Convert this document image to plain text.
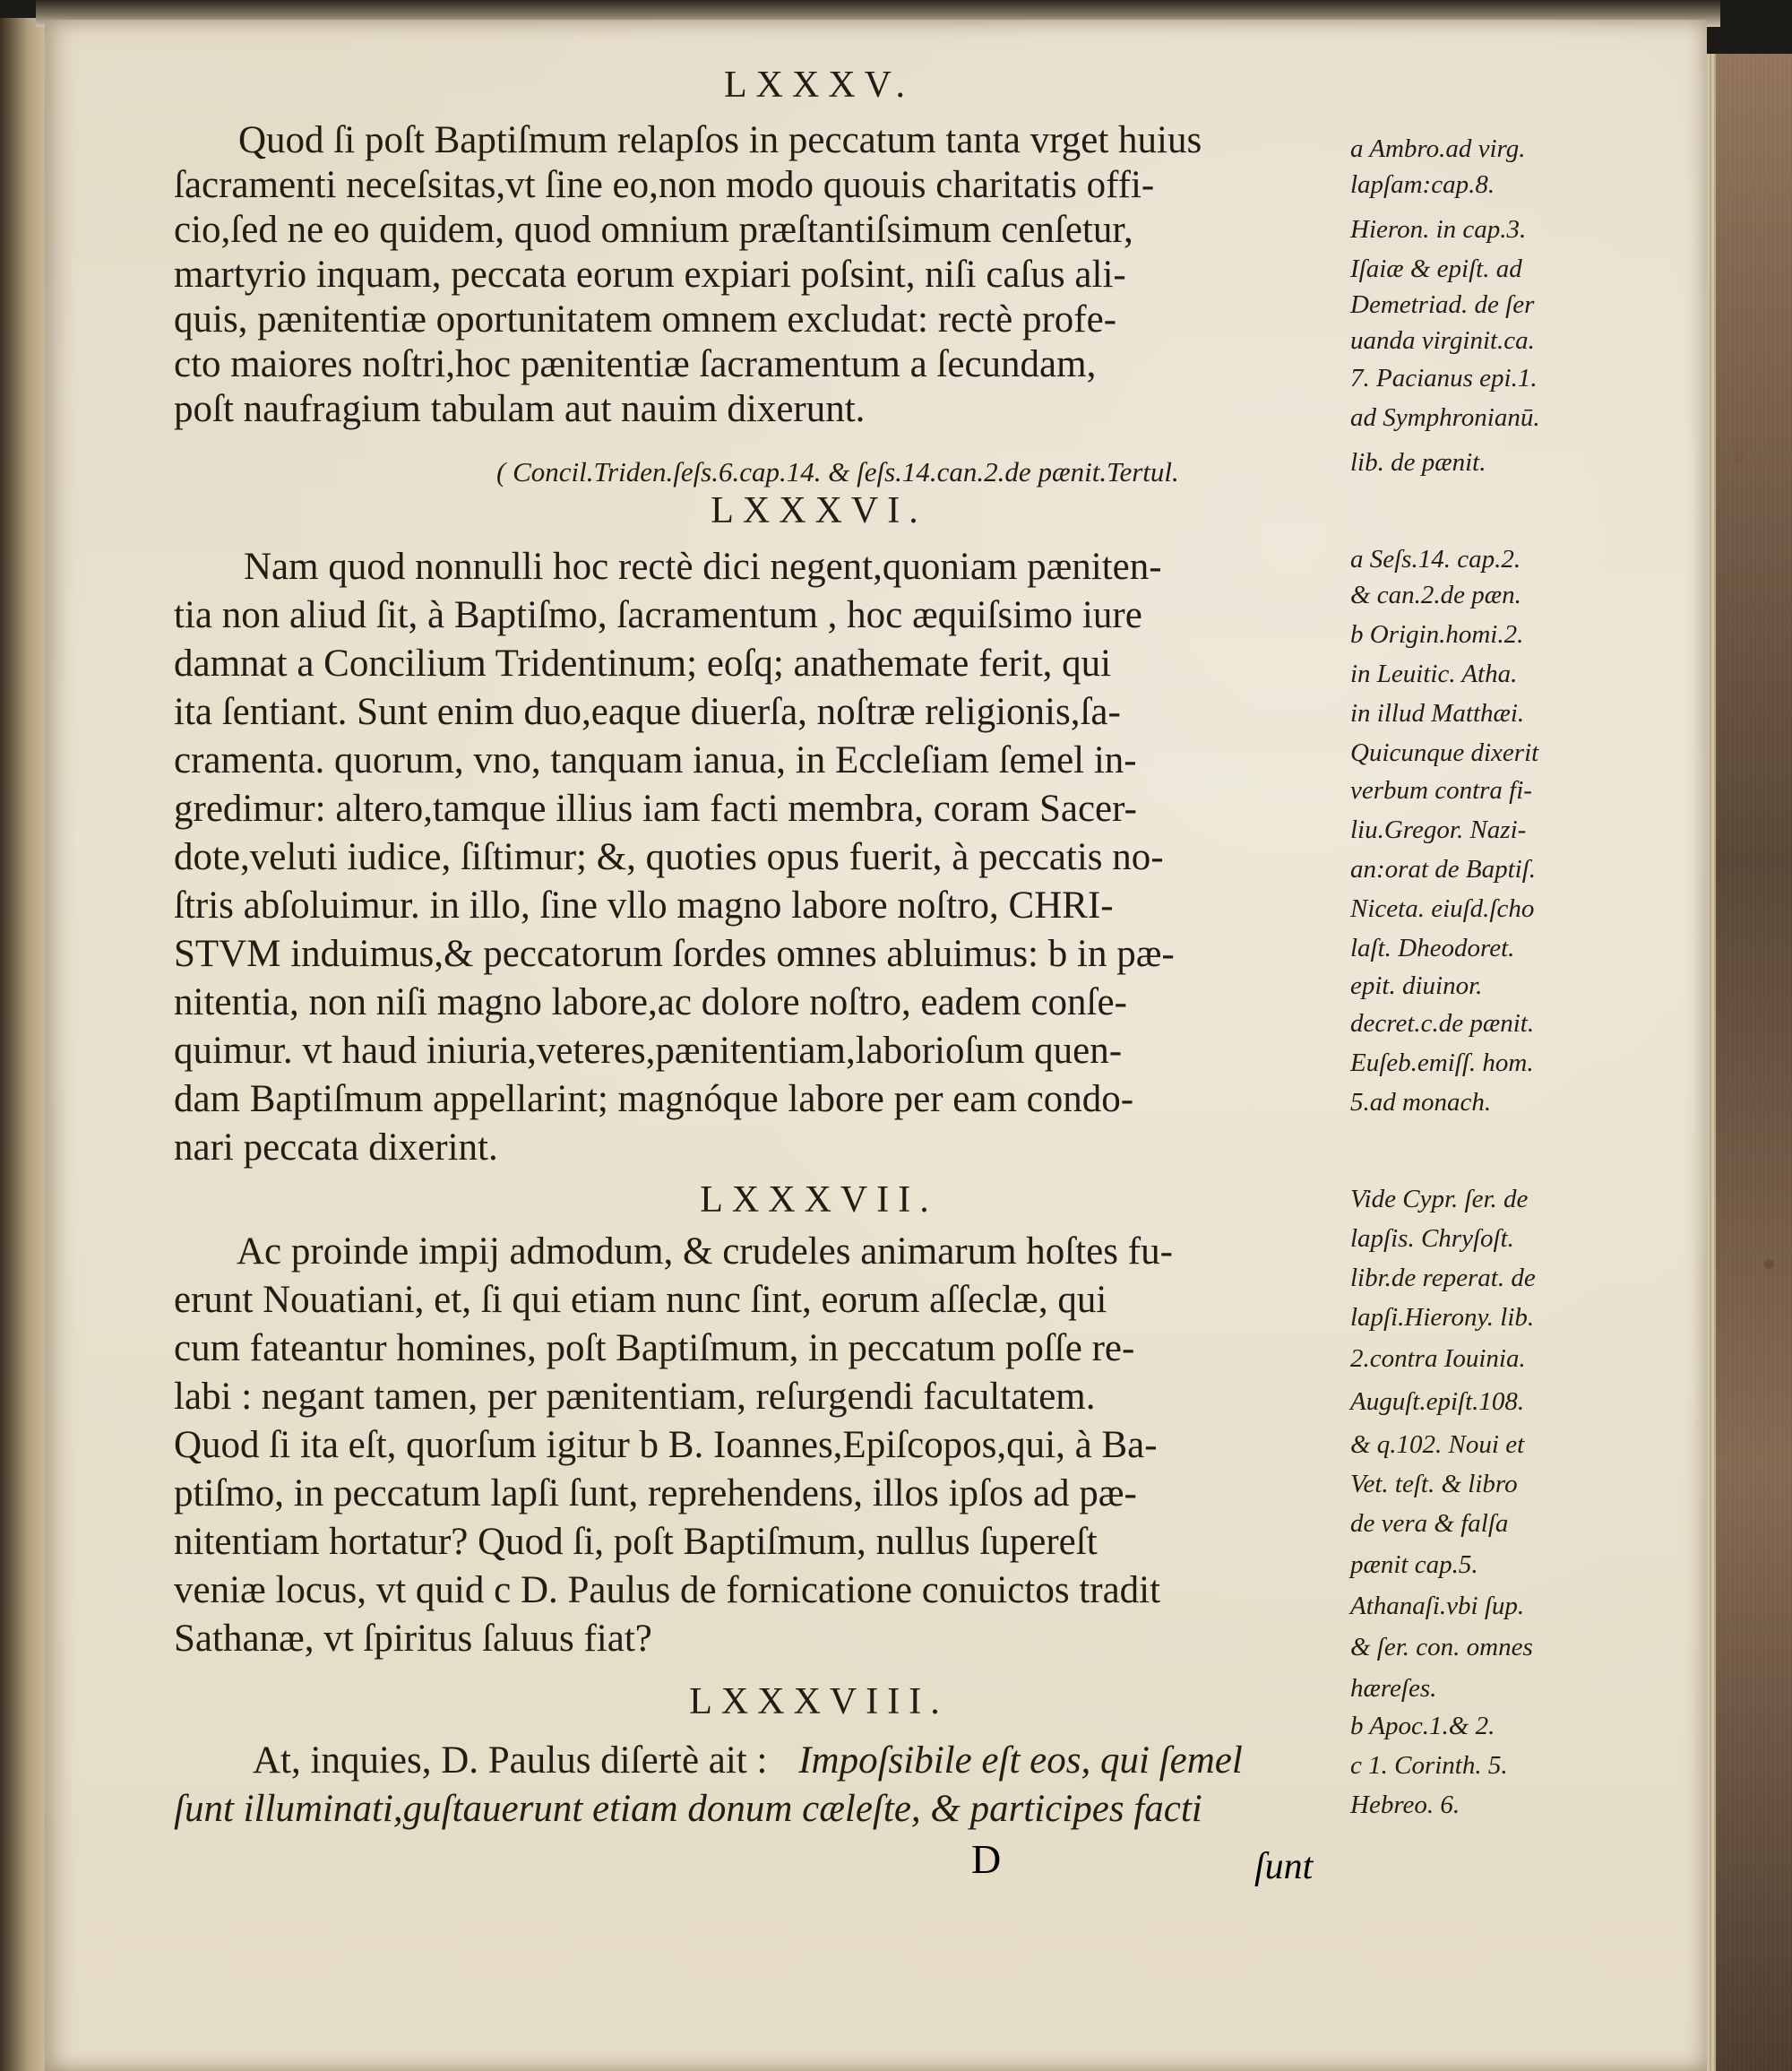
LXXXV.
Quod ſi poſt Baptiſmum relapſos in peccatum tanta vrget huius
ſacramenti neceſsitas,vt ſine eo,non modo quouis charitatis offi-
cio,ſed ne eo quidem, quod omnium præſtantiſsimum cenſetur,
martyrio inquam, peccata eorum expiari poſsint, niſi caſus ali-
quis, pænitentiæ oportunitatem omnem excludat: rectè profe-
cto maiores noſtri,hoc pænitentiæ ſacramentum a ſecundam,
poſt naufragium tabulam aut nauim dixerunt.
( Concil.Triden.ſeſs.6.cap.14. & ſeſs.14.can.2.de pænit.Tertul.
LXXXVI.
Nam quod nonnulli hoc rectè dici negent,quoniam pæniten-
tia non aliud ſit, à Baptiſmo, ſacramentum , hoc æquiſsimo iure
damnat a Concilium Tridentinum; eoſq; anathemate ferit, qui
ita ſentiant. Sunt enim duo,eaque diuerſa, noſtræ religionis,ſa-
cramenta. quorum, vno, tanquam ianua, in Eccleſiam ſemel in-
gredimur: altero,tamque illius iam facti membra, coram Sacer-
dote,veluti iudice, ſiſtimur; &, quoties opus fuerit, à peccatis no-
ſtris abſoluimur. in illo, ſine vllo magno labore noſtro, CHRI-
STVM induimus,& peccatorum ſordes omnes abluimus: b in pæ-
nitentia, non niſi magno labore,ac dolore noſtro, eadem conſe-
quimur. vt haud iniuria,veteres,pænitentiam,laborioſum quen-
dam Baptiſmum appellarint; magnóque labore per eam condo-
nari peccata dixerint.
LXXXVII.
Ac proinde impij admodum, & crudeles animarum hoſtes fu-
erunt Nouatiani, et, ſi qui etiam nunc ſint, eorum aſſeclæ, qui
cum fateantur homines, poſt Baptiſmum, in peccatum poſſe re-
labi : negant tamen, per pænitentiam, reſurgendi facultatem.
Quod ſi ita eſt, quorſum igitur b B. Ioannes,Epiſcopos,qui, à Ba-
ptiſmo, in peccatum lapſi ſunt, reprehendens, illos ipſos ad pæ-
nitentiam hortatur? Quod ſi, poſt Baptiſmum, nullus ſupereſt
veniæ locus, vt quid c D. Paulus de fornicatione conuictos tradit
Sathanæ, vt ſpiritus ſaluus fiat?
LXXXVIII.
At, inquies, D. Paulus diſertè ait : Impoſsibile eſt eos, qui ſemel
ſunt illuminati,guſtauerunt etiam donum cæleſte, & participes facti
D	ſunt
a Ambro.ad virg.
lapſam:cap.8.
Hieron. in cap.3.
Iſaiæ & epiſt. ad
Demetriad. de ſer
uanda virginit.ca.
7. Pacianus epi.1.
ad Symphronianū.
lib. de pænit.
a Seſs.14. cap.2.
& can.2.de pæn.
b Origin.homi.2.
in Leuitic. Atha.
in illud Matthæi.
Quicunque dixerit
verbum contra fi-
liu.Gregor. Nazi-
an:orat de Baptiſ.
Niceta. eiuſd.ſcho
laſt. Dheodoret.
epit. diuinor.
decret.c.de pænit.
Euſeb.emiſſ. hom.
5.ad monach.
Vide Cypr. ſer. de
lapſis. Chryſoſt.
libr.de reperat. de
lapſi.Hierony. lib.
2.contra Iouinia.
Auguſt.epiſt.108.
& q.102. Noui et
Vet. teſt. & libro
de vera & falſa
pænit cap.5.
Athanaſi.vbi ſup.
& ſer. con. omnes
hæreſes.
b Apoc.1.& 2.
c 1. Corinth. 5.
Hebreo. 6.
